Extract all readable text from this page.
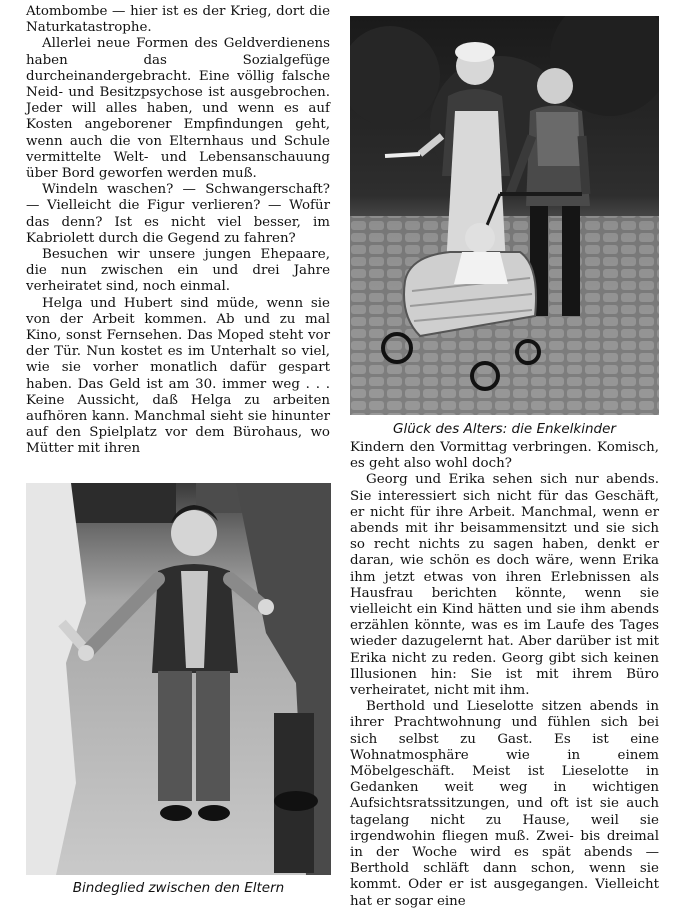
Atombombe — hier ist es der Krieg, dort die Naturkatastrophe.

Allerlei neue Formen des Geldverdienens haben das Sozialgefüge durcheinandergebracht. Eine völlig falsche Neid- und Besitzpsychose ist ausgebrochen. Jeder will alles haben, und wenn es auf Kosten angeborener Empfindungen geht, wenn auch die von Elternhaus und Schule vermittelte Welt- und Lebensanschauung über Bord geworfen werden muß.

Windeln waschen? — Schwangerschaft? — Vielleicht die Figur verlieren? — Wofür das denn? Ist es nicht viel besser, im Kabriolett durch die Gegend zu fahren?

Besuchen wir unsere jungen Ehepaare, die nun zwischen ein und drei Jahre verheiratet sind, noch einmal.

Helga und Hubert sind müde, wenn sie von der Arbeit kommen. Ab und zu mal Kino, sonst Fernsehen. Das Moped steht vor der Tür. Nun kostet es im Unterhalt so viel, wie sie vorher monatlich dafür gespart haben. Das Geld ist am 30. immer weg . . . Keine Aussicht, daß Helga zu arbeiten aufhören kann. Manchmal sieht sie hinunter auf den Spielplatz vor dem Bürohaus, wo Mütter mit ihren

Glück des Alters: die Enkelkinder
Bindeglied zwischen den Eltern

Kindern den Vormittag verbringen. Komisch, es geht also wohl doch?

Georg und Erika sehen sich nur abends. Sie interessiert sich nicht für das Geschäft, er nicht für ihre Arbeit. Manchmal, wenn er abends mit ihr beisammensitzt und sie sich so recht nichts zu sagen haben, denkt er daran, wie schön es doch wäre, wenn Erika ihm jetzt etwas von ihren Erlebnissen als Hausfrau berichten könnte, wenn sie vielleicht ein Kind hätten und sie ihm abends erzählen könnte, was es im Laufe des Tages wieder dazugelernt hat. Aber darüber ist mit Erika nicht zu reden. Georg gibt sich keinen Illusionen hin: Sie ist mit ihrem Büro verheiratet, nicht mit ihm.

Berthold und Lieselotte sitzen abends in ihrer Prachtwohnung und fühlen sich bei sich selbst zu Gast. Es ist eine Wohnatmosphäre wie in einem Möbelgeschäft. Meist ist Lieselotte in Gedanken weit weg in wichtigen Aufsichtsratssitzungen, und oft ist sie auch tagelang nicht zu Hause, weil sie irgendwohin fliegen muß. Zwei- bis dreimal in der Woche wird es spät abends — Berthold schläft dann schon, wenn sie kommt. Oder er ist ausgegangen. Vielleicht hat er sogar eine
